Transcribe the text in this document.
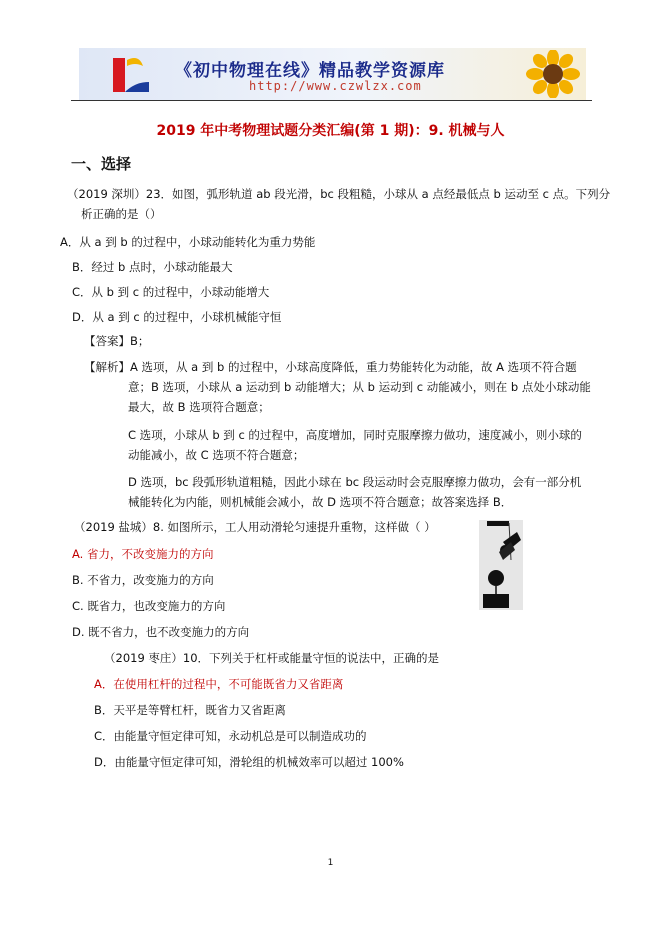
《初中物理在线》精品教学资源库
http://www.czwlzx.com
2019 年中考物理试题分类汇编(第 1 期)：9. 机械与人
一、选择
（2019 深圳）23．如图，弧形轨道 ab 段光滑，bc 段粗糙，小球从 a 点经最低点 b 运动至 c 点。下列分
析正确的是（）
A．从 a 到 b 的过程中，小球动能转化为重力势能
B．经过 b 点时，小球动能最大
C．从 b 到 c 的过程中，小球动能增大
D．从 a 到 c 的过程中，小球机械能守恒
【答案】B；
【解析】A 选项，从 a 到 b 的过程中，小球高度降低，重力势能转化为动能，故 A 选项不符合题
意；B 选项，小球从 a 运动到 b 动能增大；从 b 运动到 c 动能减小，则在 b 点处小球动能
最大，故 B 选项符合题意；
C 选项，小球从 b 到 c 的过程中，高度增加，同时克服摩擦力做功，速度减小，则小球的
动能减小，故 C 选项不符合题意；
D 选项，bc 段弧形轨道粗糙，因此小球在 bc 段运动时会克服摩擦力做功，会有一部分机
械能转化为内能，则机械能会减小，故 D 选项不符合题意；故答案选择 B．
（2019 盐城）8. 如图所示，工人用动滑轮匀速提升重物，这样做（ ）
A. 省力，不改变施力的方向
B. 不省力，改变施力的方向
C. 既省力，也改变施力的方向
D. 既不省力，也不改变施力的方向
（2019 枣庄）10．下列关于杠杆或能量守恒的说法中，正确的是
A．在使用杠杆的过程中，不可能既省力又省距离
B．天平是等臂杠杆，既省力又省距离
C．由能量守恒定律可知，永动机总是可以制造成功的
D．由能量守恒定律可知，滑轮组的机械效率可以超过 100%
1
